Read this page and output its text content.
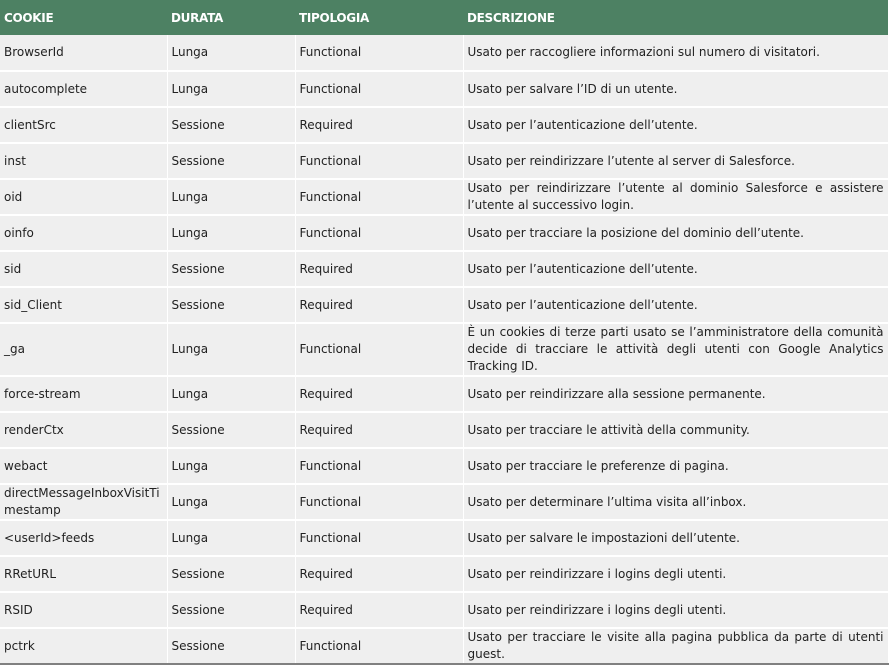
COOKIE	DURATA	TIPOLOGIA	DESCRIZIONE
BrowserId	Lunga	Functional	Usato per raccogliere informazioni sul numero di visitatori.
autocomplete	Lunga	Functional	Usato per salvare l’ID di un utente.
clientSrc	Sessione	Required	Usato per l’autenticazione dell’utente.
inst	Sessione	Functional	Usato per reindirizzare l’utente al server di Salesforce.
oid	Lunga	Functional	Usato per reindirizzare l’utente al dominio Salesforce e assistere l’utente al successivo login.
oinfo	Lunga	Functional	Usato per tracciare la posizione del dominio dell’utente.
sid	Sessione	Required	Usato per l’autenticazione dell’utente.
sid_Client	Sessione	Required	Usato per l’autenticazione dell’utente.
_ga	Lunga	Functional	È un cookies di terze parti usato se l’amministratore della comunità decide di tracciare le attività degli utenti con Google Analytics Tracking ID.
force-stream	Lunga	Required	Usato per reindirizzare alla sessione permanente.
renderCtx	Sessione	Required	Usato per tracciare le attività della community.
webact	Lunga	Functional	Usato per tracciare le preferenze di pagina.
directMessageInboxVisitTimestamp	Lunga	Functional	Usato per determinare l’ultima visita all’inbox.
<userId>feeds	Lunga	Functional	Usato per salvare le impostazioni dell’utente.
RRetURL	Sessione	Required	Usato per reindirizzare i logins degli utenti.
RSID	Sessione	Required	Usato per reindirizzare i logins degli utenti.
pctrk	Sessione	Functional	Usato per tracciare le visite alla pagina pubblica da parte di utenti guest.
